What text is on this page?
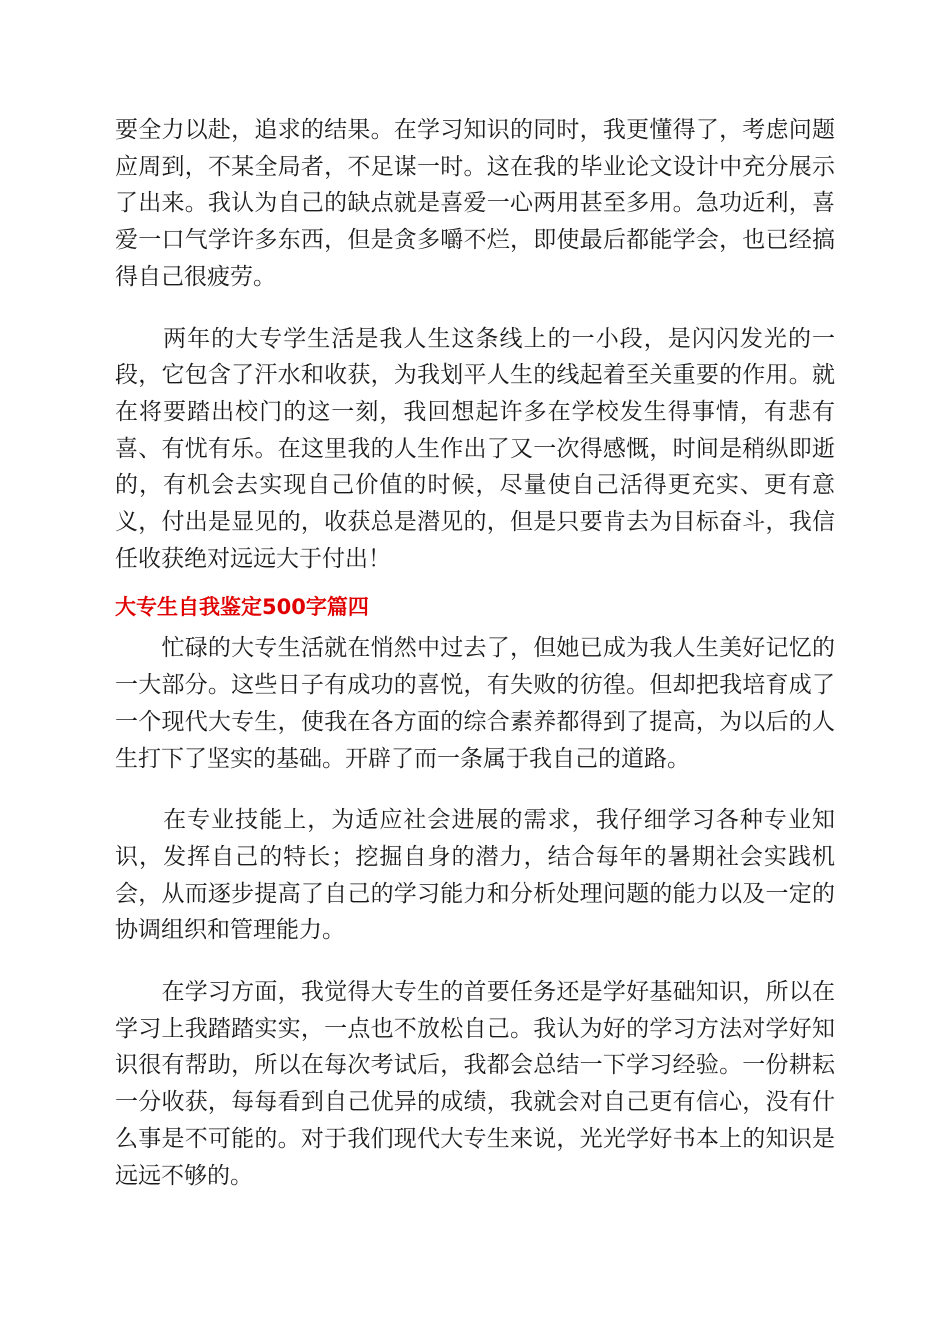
要全力以赴，追求的结果。在学习知识的同时，我更懂得了，考虑问题应周到，不某全局者，不足谋一时。这在我的毕业论文设计中充分展示了出来。我认为自己的缺点就是喜爱一心两用甚至多用。急功近利，喜爱一口气学许多东西，但是贪多嚼不烂，即使最后都能学会，也已经搞得自己很疲劳。

　　两年的大专学生活是我人生这条线上的一小段，是闪闪发光的一段，它包含了汗水和收获，为我划平人生的线起着至关重要的作用。就在将要踏出校门的这一刻，我回想起许多在学校发生得事情，有悲有喜、有忧有乐。在这里我的人生作出了又一次得感慨，时间是稍纵即逝的，有机会去实现自己价值的时候，尽量使自己活得更充实、更有意义，付出是显见的，收获总是潜见的，但是只要肯去为目标奋斗，我信任收获绝对远远大于付出！

大专生自我鉴定500字篇四

　　忙碌的大专生活就在悄然中过去了，但她已成为我人生美好记忆的一大部分。这些日子有成功的喜悦，有失败的彷徨。但却把我培育成了一个现代大专生，使我在各方面的综合素养都得到了提高，为以后的人生打下了坚实的基础。开辟了而一条属于我自己的道路。

　　在专业技能上，为适应社会进展的需求，我仔细学习各种专业知识，发挥自己的特长；挖掘自身的潜力，结合每年的暑期社会实践机会，从而逐步提高了自己的学习能力和分析处理问题的能力以及一定的协调组织和管理能力。

　　在学习方面，我觉得大专生的首要任务还是学好基础知识，所以在学习上我踏踏实实，一点也不放松自己。我认为好的学习方法对学好知识很有帮助，所以在每次考试后，我都会总结一下学习经验。一份耕耘一分收获，每每看到自己优异的成绩，我就会对自己更有信心，没有什么事是不可能的。对于我们现代大专生来说，光光学好书本上的知识是远远不够的。
